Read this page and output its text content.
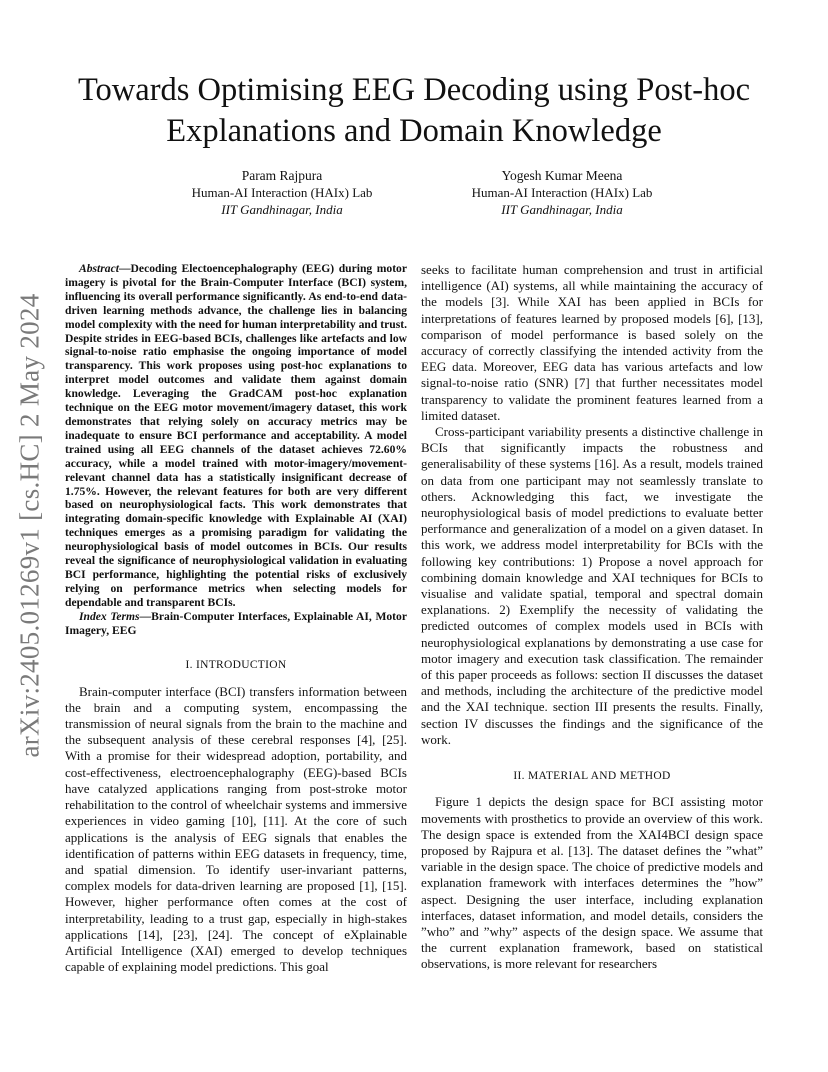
arXiv:2405.01269v1 [cs.HC] 2 May 2024
Towards Optimising EEG Decoding using Post-hoc Explanations and Domain Knowledge
Param Rajpura
Human-AI Interaction (HAIx) Lab
IIT Gandhinagar, India
Yogesh Kumar Meena
Human-AI Interaction (HAIx) Lab
IIT Gandhinagar, India

Abstract—Decoding Electoencephalography (EEG) during motor imagery is pivotal for the Brain-Computer Interface (BCI) system, influencing its overall performance significantly. As end-to-end data-driven learning methods advance, the challenge lies in balancing model complexity with the need for human interpretability and trust. Despite strides in EEG-based BCIs, challenges like artefacts and low signal-to-noise ratio emphasise the ongoing importance of model transparency. This work proposes using post-hoc explanations to interpret model outcomes and validate them against domain knowledge. Leveraging the GradCAM post-hoc explanation technique on the EEG motor movement/imagery dataset, this work demonstrates that relying solely on accuracy metrics may be inadequate to ensure BCI performance and acceptability. A model trained using all EEG channels of the dataset achieves 72.60% accuracy, while a model trained with motor-imagery/movement-relevant channel data has a statistically insignificant decrease of 1.75%. However, the relevant features for both are very different based on neurophysiological facts. This work demonstrates that integrating domain-specific knowledge with Explainable AI (XAI) techniques emerges as a promising paradigm for validating the neurophysiological basis of model outcomes in BCIs. Our results reveal the significance of neurophysiological validation in evaluating BCI performance, highlighting the potential risks of exclusively relying on performance metrics when selecting models for dependable and transparent BCIs.

Index Terms—Brain-Computer Interfaces, Explainable AI, Motor Imagery, EEG

I. INTRODUCTION

Brain-computer interface (BCI) transfers information between the brain and a computing system, encompassing the transmission of neural signals from the brain to the machine and the subsequent analysis of these cerebral responses [4], [25]. With a promise for their widespread adoption, portability, and cost-effectiveness, electroencephalography (EEG)-based BCIs have catalyzed applications ranging from post-stroke motor rehabilitation to the control of wheelchair systems and immersive experiences in video gaming [10], [11]. At the core of such applications is the analysis of EEG signals that enables the identification of patterns within EEG datasets in frequency, time, and spatial dimension. To identify user-invariant patterns, complex models for data-driven learning are proposed [1], [15]. However, higher performance often comes at the cost of interpretability, leading to a trust gap, especially in high-stakes applications [14], [23], [24]. The concept of eXplainable Artificial Intelligence (XAI) emerged to develop techniques capable of explaining model predictions. This goal

seeks to facilitate human comprehension and trust in artificial intelligence (AI) systems, all while maintaining the accuracy of the models [3]. While XAI has been applied in BCIs for interpretations of features learned by proposed models [6], [13], comparison of model performance is based solely on the accuracy of correctly classifying the intended activity from the EEG data. Moreover, EEG data has various artefacts and low signal-to-noise ratio (SNR) [7] that further necessitates model transparency to validate the prominent features learned from a limited dataset.

Cross-participant variability presents a distinctive challenge in BCIs that significantly impacts the robustness and generalisability of these systems [16]. As a result, models trained on data from one participant may not seamlessly translate to others. Acknowledging this fact, we investigate the neurophysiological basis of model predictions to evaluate better performance and generalization of a model on a given dataset. In this work, we address model interpretability for BCIs with the following key contributions: 1) Propose a novel approach for combining domain knowledge and XAI techniques for BCIs to visualise and validate spatial, temporal and spectral domain explanations. 2) Exemplify the necessity of validating the predicted outcomes of complex models used in BCIs with neurophysiological explanations by demonstrating a use case for motor imagery and execution task classification. The remainder of this paper proceeds as follows: section II discusses the dataset and methods, including the architecture of the predictive model and the XAI technique. section III presents the results. Finally, section IV discusses the findings and the significance of the work.

II. MATERIAL AND METHOD

Figure 1 depicts the design space for BCI assisting motor movements with prosthetics to provide an overview of this work. The design space is extended from the XAI4BCI design space proposed by Rajpura et al. [13]. The dataset defines the ”what” variable in the design space. The choice of predictive models and explanation framework with interfaces determines the ”how” aspect. Designing the user interface, including explanation interfaces, dataset information, and model details, considers the ”who” and ”why” aspects of the design space. We assume that the current explanation framework, based on statistical observations, is more relevant for researchers
